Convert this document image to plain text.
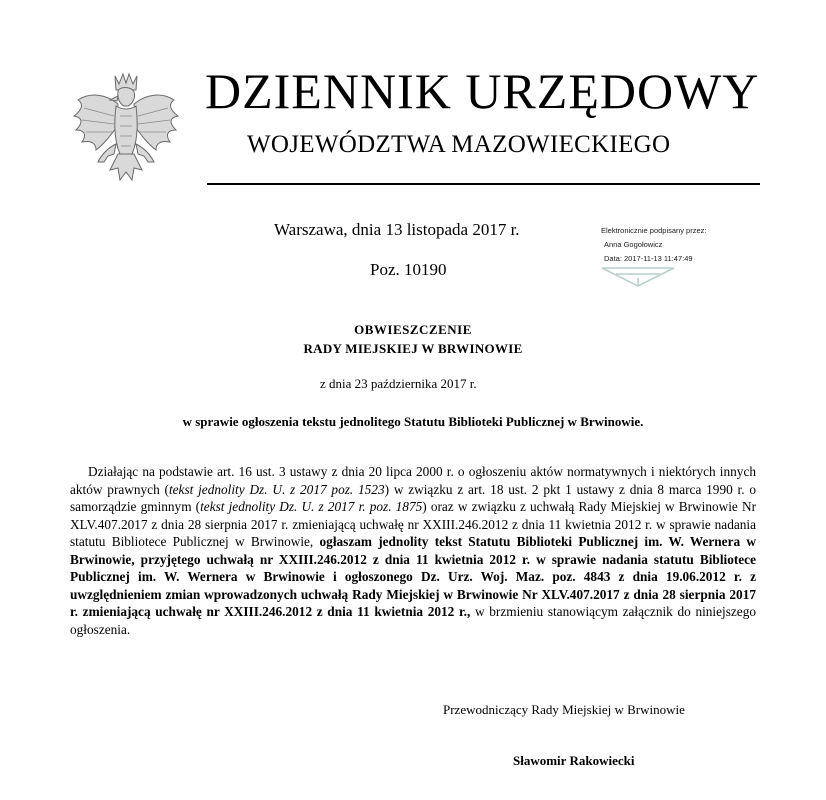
DZIENNIK URZĘDOWY
WOJEWÓDZTWA MAZOWIECKIEGO
Warszawa, dnia 13 listopada 2017 r.
Poz. 10190
Elektronicznie podpisany przez:
Anna Gogołowicz
Data: 2017-11-13 11:47:49
OBWIESZCZENIE
RADY MIEJSKIEJ W BRWINOWIE
z dnia 23 października 2017 r.
w sprawie ogłoszenia tekstu jednolitego Statutu Biblioteki Publicznej w Brwinowie.
Działając na podstawie art. 16 ust. 3 ustawy z dnia 20 lipca 2000 r. o ogłoszeniu aktów normatywnych i niektórych innych aktów prawnych (tekst jednolity Dz. U. z 2017 poz. 1523) w związku z art. 18 ust. 2 pkt 1 ustawy z dnia 8 marca 1990 r. o samorządzie gminnym (tekst jednolity Dz. U. z 2017 r. poz. 1875) oraz w związku z uchwałą Rady Miejskiej w Brwinowie Nr XLV.407.2017 z dnia 28 sierpnia 2017 r. zmieniającą uchwałę nr XXIII.246.2012 z dnia 11 kwietnia 2012 r. w sprawie nadania statutu Bibliotece Publicznej w Brwinowie, ogłaszam jednolity tekst Statutu Biblioteki Publicznej im. W. Wernera w Brwinowie, przyjętego uchwałą nr XXIII.246.2012 z dnia 11 kwietnia 2012 r. w sprawie nadania statutu Bibliotece Publicznej im. W. Wernera w Brwinowie i ogłoszonego Dz. Urz. Woj. Maz. poz. 4843 z dnia 19.06.2012 r. z uwzględnieniem zmian wprowadzonych uchwałą Rady Miejskiej w Brwinowie Nr XLV.407.2017 z dnia 28 sierpnia 2017 r. zmieniającą uchwałę nr XXIII.246.2012 z dnia 11 kwietnia 2012 r., w brzmieniu stanowiącym załącznik do niniejszego ogłoszenia.
Przewodniczący Rady Miejskiej w Brwinowie
Sławomir Rakowiecki
